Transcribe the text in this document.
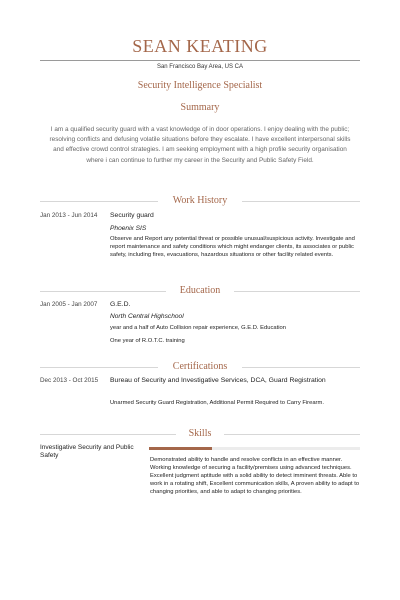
SEAN KEATING
San Francisco Bay Area, US CA
Security Intelligence Specialist
Summary
I am a qualified security guard with a vast knowledge of in door operations. I enjoy dealing with the public; resolving conflicts and defusing volatile situations before they escalate. I have excellent interpersonal skills and effective crowd control strategies. I am seeking employment with a high profile security organisation where i can continue to further my career in the Security and Public Safety Field.
Work History
Jan 2013 - Jun 2014	Security guard
Phoenix SIS
Observe and Report any potential threat or possible unusual/suspicious activity. Investigate and report maintenance and safety conditions which might endanger clients, its associates or public safety, including fires, evacuations, hazardous situations or other facility related events.
Education
Jan 2005 - Jan 2007	G.E.D.
North Central Highschool
year and a half of Auto Collision repair experience, G.E.D. Education
One year of R.O.T.C. training
Certifications
Dec 2013 - Oct 2015 Bureau of Security and Investigative Services, DCA, Guard Registration
Unarmed Security Guard Registration, Additional Permit Required to Carry Firearm.
Skills
Investigative Security and Public Safety
Demonstrated ability to handle and resolve conflicts in an effective manner. Working knowledge of securing a facility/premises using advanced techniques. Excellent judgment aptitude with a solid ability to detect imminent threats. Able to work in a rotating shift, Excellent communication skills, A proven ability to adapt to changing priorities, and able to adapt to changing priorities.
